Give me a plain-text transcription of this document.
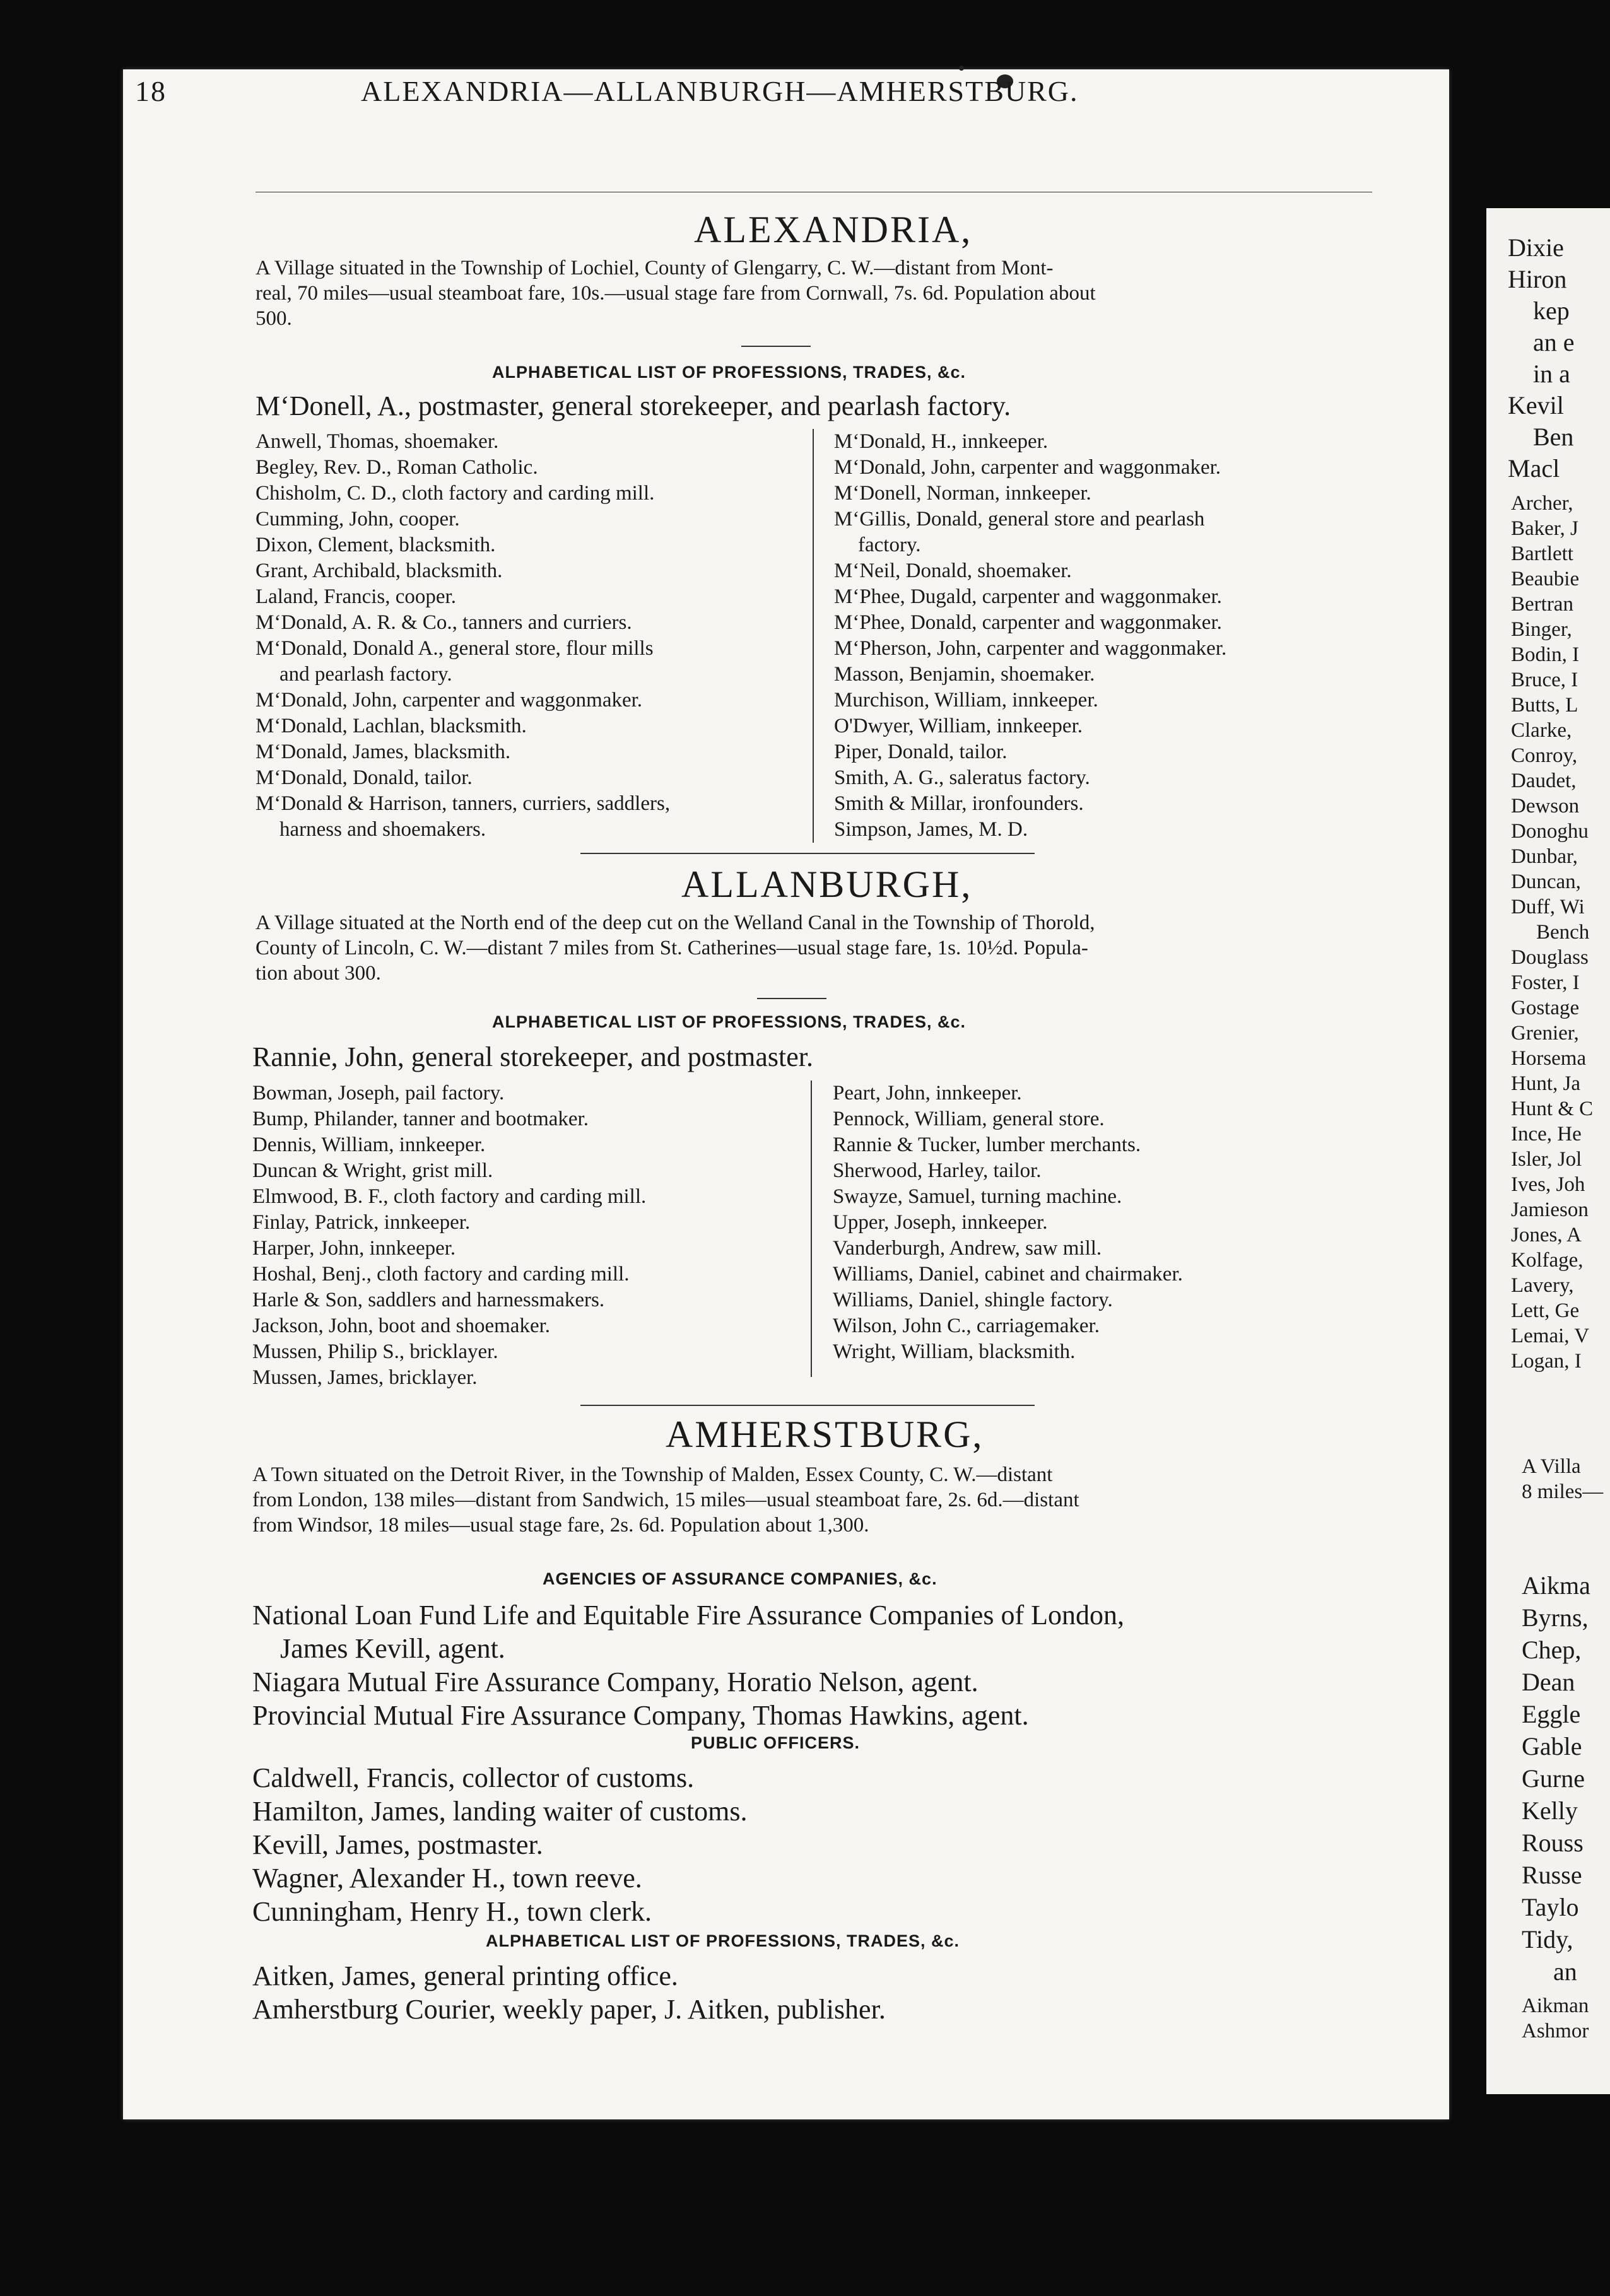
18	ALEXANDRIA—ALLANBURGH—AMHERSTBURG.
ALEXANDRIA,
A Village situated in the Township of Lochiel, County of Glengarry, C. W.—distant from Mont-
real, 70 miles—usual steamboat fare, 10s.—usual stage fare from Cornwall, 7s. 6d. Population about
500.
ALPHABETICAL LIST OF PROFESSIONS, TRADES, &c.
M‘Donell, A., postmaster, general storekeeper, and pearlash factory.
Anwell, Thomas, shoemaker.
Begley, Rev. D., Roman Catholic.
Chisholm, C. D., cloth factory and carding mill.
Cumming, John, cooper.
Dixon, Clement, blacksmith.
Grant, Archibald, blacksmith.
Laland, Francis, cooper.
M‘Donald, A. R. & Co., tanners and curriers.
M‘Donald, Donald A., general store, flour mills
and pearlash factory.
M‘Donald, John, carpenter and waggonmaker.
M‘Donald, Lachlan, blacksmith.
M‘Donald, James, blacksmith.
M‘Donald, Donald, tailor.
M‘Donald & Harrison, tanners, curriers, saddlers,
harness and shoemakers.
M‘Donald, H., innkeeper.
M‘Donald, John, carpenter and waggonmaker.
M‘Donell, Norman, innkeeper.
M‘Gillis, Donald, general store and pearlash
factory.
M‘Neil, Donald, shoemaker.
M‘Phee, Dugald, carpenter and waggonmaker.
M‘Phee, Donald, carpenter and waggonmaker.
M‘Pherson, John, carpenter and waggonmaker.
Masson, Benjamin, shoemaker.
Murchison, William, innkeeper.
O'Dwyer, William, innkeeper.
Piper, Donald, tailor.
Smith, A. G., saleratus factory.
Smith & Millar, ironfounders.
Simpson, James, M. D.
ALLANBURGH,
A Village situated at the North end of the deep cut on the Welland Canal in the Township of Thorold,
County of Lincoln, C. W.—distant 7 miles from St. Catherines—usual stage fare, 1s. 10½d. Popula-
tion about 300.
ALPHABETICAL LIST OF PROFESSIONS, TRADES, &c.
Rannie, John, general storekeeper, and postmaster.
Bowman, Joseph, pail factory.
Bump, Philander, tanner and bootmaker.
Dennis, William, innkeeper.
Duncan & Wright, grist mill.
Elmwood, B. F., cloth factory and carding mill.
Finlay, Patrick, innkeeper.
Harper, John, innkeeper.
Hoshal, Benj., cloth factory and carding mill.
Harle & Son, saddlers and harnessmakers.
Jackson, John, boot and shoemaker.
Mussen, Philip S., bricklayer.
Mussen, James, bricklayer.
Peart, John, innkeeper.
Pennock, William, general store.
Rannie & Tucker, lumber merchants.
Sherwood, Harley, tailor.
Swayze, Samuel, turning machine.
Upper, Joseph, innkeeper.
Vanderburgh, Andrew, saw mill.
Williams, Daniel, cabinet and chairmaker.
Williams, Daniel, shingle factory.
Wilson, John C., carriagemaker.
Wright, William, blacksmith.
AMHERSTBURG,
A Town situated on the Detroit River, in the Township of Malden, Essex County, C. W.—distant
from London, 138 miles—distant from Sandwich, 15 miles—usual steamboat fare, 2s. 6d.—distant
from Windsor, 18 miles—usual stage fare, 2s. 6d. Population about 1,300.
AGENCIES OF ASSURANCE COMPANIES, &c.
National Loan Fund Life and Equitable Fire Assurance Companies of London,
James Kevill, agent.
Niagara Mutual Fire Assurance Company, Horatio Nelson, agent.
Provincial Mutual Fire Assurance Company, Thomas Hawkins, agent.
PUBLIC OFFICERS.
Caldwell, Francis, collector of customs.
Hamilton, James, landing waiter of customs.
Kevill, James, postmaster.
Wagner, Alexander H., town reeve.
Cunningham, Henry H., town clerk.
ALPHABETICAL LIST OF PROFESSIONS, TRADES, &c.
Aitken, James, general printing office.
Amherstburg Courier, weekly paper, J. Aitken, publisher.
Dixie
Hiron
kep
an e
in a
Kevil
Ben
Macl
Archer,
Baker, J
Bartlett
Beaubie
Bertran
Binger,
Bodin, I
Bruce, I
Butts, L
Clarke,
Conroy,
Daudet,
Dewson
Donoghu
Dunbar,
Duncan,
Duff, Wi
Bench
Douglass
Foster, I
Gostage
Grenier,
Horsema
Hunt, Ja
Hunt & C
Ince, He
Isler, Jol
Ives, Joh
Jamieson
Jones, A
Kolfage,
Lavery,
Lett, Ge
Lemai, V
Logan, I
A Villa
8 miles—
Aikma
Byrns,
Chep,
Dean
Eggle
Gable
Gurne
Kelly
Rouss
Russe
Taylo
Tidy,
an
Aikman
Ashmor
